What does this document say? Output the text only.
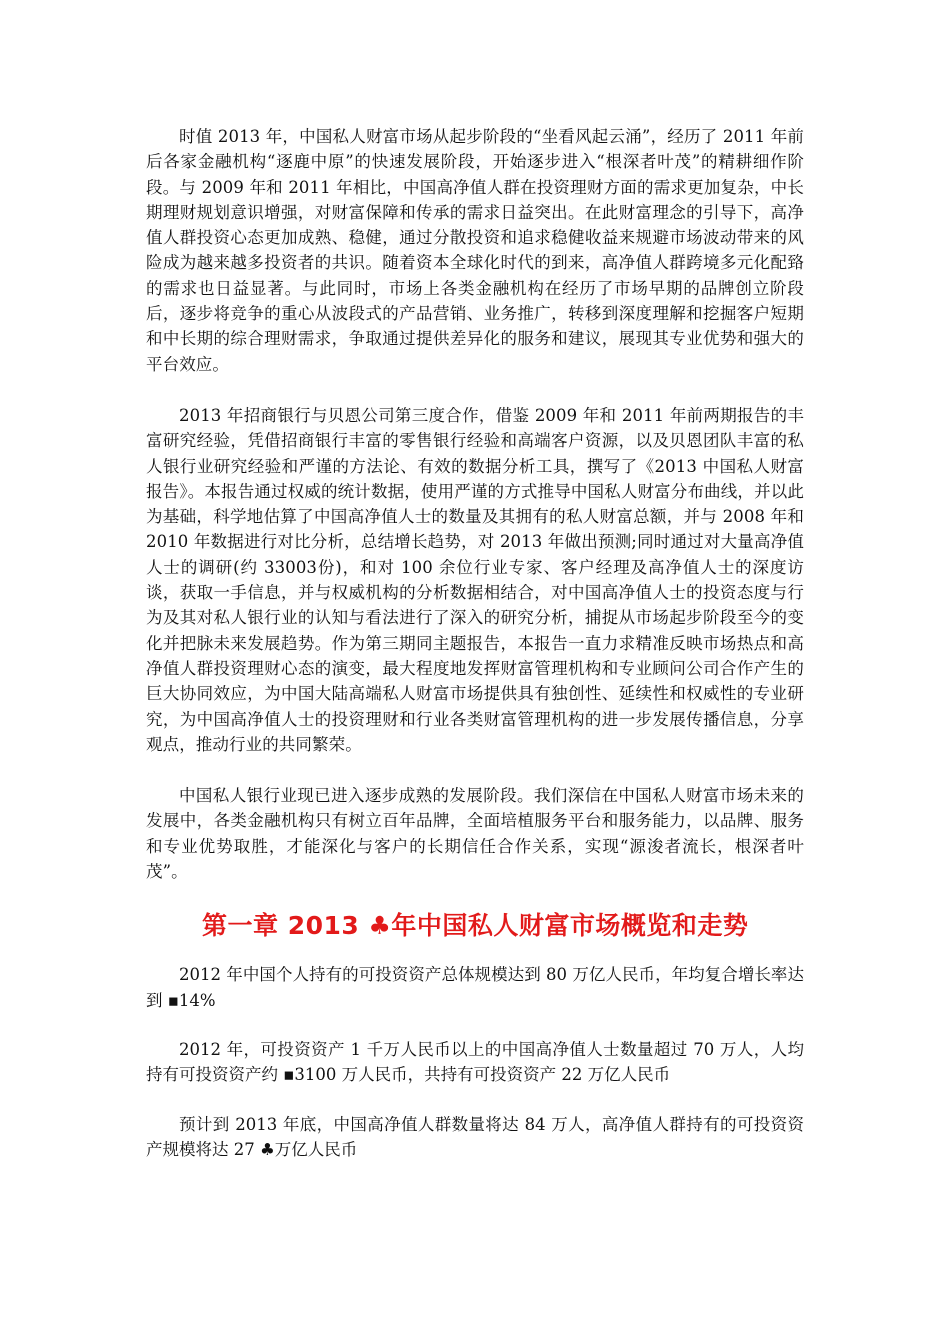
时值 2013 年，中国私人财富市场从起步阶段的“坐看风起云涌”，经历了 2011 年前后各家金融机构“逐鹿中原”的快速发展阶段，开始逐步进入“根深者叶茂”的精耕细作阶段。与 2009 年和 2011 年相比，中国高净值人群在投资理财方面的需求更加复杂，中长期理财规划意识增强，对财富保障和传承的需求日益突出。在此财富理念的引导下，高净值人群投资心态更加成熟、稳健，通过分散投资和追求稳健收益来规避市场波动带来的风险成为越来越多投资者的共识。随着资本全球化时代的到来，高净值人群跨境多元化配臵的需求也日益显著。与此同时，市场上各类金融机构在经历了市场早期的品牌创立阶段后，逐步将竞争的重心从波段式的产品营销、业务推广，转移到深度理解和挖掘客户短期和中长期的综合理财需求，争取通过提供差异化的服务和建议，展现其专业优势和强大的平台效应。

2013 年招商银行与贝恩公司第三度合作，借鉴 2009 年和 2011 年前两期报告的丰富研究经验，凭借招商银行丰富的零售银行经验和高端客户资源，以及贝恩团队丰富的私人银行业研究经验和严谨的方法论、有效的数据分析工具，撰写了《2013 中国私人财富报告》。本报告通过权威的统计数据，使用严谨的方式推导中国私人财富分布曲线，并以此为基础，科学地估算了中国高净值人士的数量及其拥有的私人财富总额，并与 2008 年和 2010 年数据进行对比分析，总结增长趋势，对 2013 年做出预测;同时通过对大量高净值人士的调研(约 33003份)，和对 100 余位行业专家、客户经理及高净值人士的深度访谈，获取一手信息，并与权威机构的分析数据相结合，对中国高净值人士的投资态度与行为及其对私人银行业的认知与看法进行了深入的研究分析，捕捉从市场起步阶段至今的变化并把脉未来发展趋势。作为第三期同主题报告，本报告一直力求精准反映市场热点和高净值人群投资理财心态的演变，最大程度地发挥财富管理机构和专业顾问公司合作产生的巨大协同效应，为中国大陆高端私人财富市场提供具有独创性、延续性和权威性的专业研究，为中国高净值人士的投资理财和行业各类财富管理机构的进一步发展传播信息，分享观点，推动行业的共同繁荣。

中国私人银行业现已进入逐步成熟的发展阶段。我们深信在中国私人财富市场未来的发展中，各类金融机构只有树立百年品牌，全面培植服务平台和服务能力，以品牌、服务和专业优势取胜，才能深化与客户的长期信任合作关系，实现“源浚者流长，根深者叶茂”。

第一章 2013 ♣年中国私人财富市场概览和走势

2012 年中国个人持有的可投资资产总体规模达到 80 万亿人民币，年均复合增长率达到 ▪14%

2012 年，可投资资产 1 千万人民币以上的中国高净值人士数量超过 70 万人，人均持有可投资资产约 ▪3100 万人民币，共持有可投资资产 22 万亿人民币

预计到 2013 年底，中国高净值人群数量将达 84 万人，高净值人群持有的可投资资产规模将达 27 ♣万亿人民币
